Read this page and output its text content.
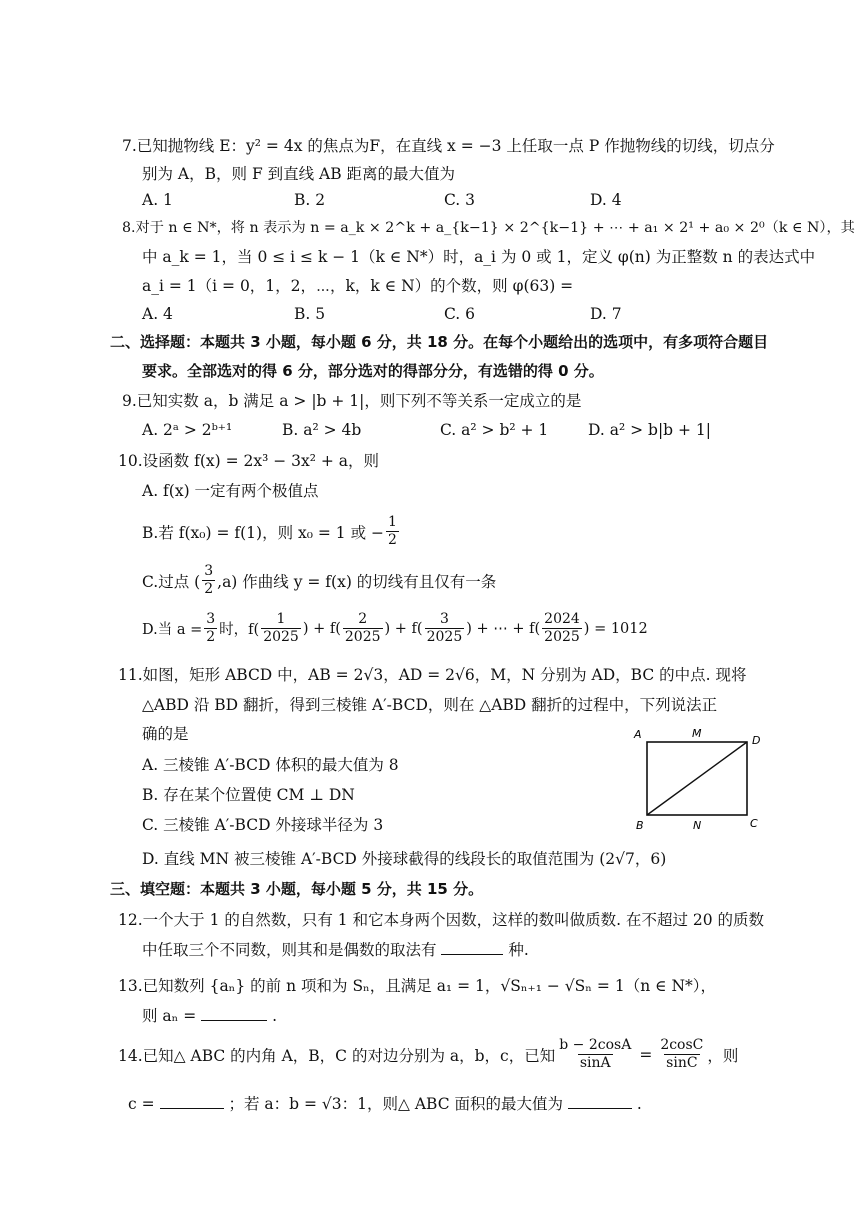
7.已知抛物线 E：y² = 4x 的焦点为F，在直线 x = −3 上任取一点 P 作抛物线的切线，切点分
别为 A，B，则 F 到直线 AB 距离的最大值为
A. 1	B. 2	C. 3	D. 4
8.对于 n ∈ N*，将 n 表示为 n = a_k × 2^k + a_{k−1} × 2^{k−1} + ⋯ + a₁ × 2¹ + a₀ × 2⁰（k ∈ N），其
中 a_k = 1，当 0 ≤ i ≤ k − 1（k ∈ N*）时，a_i 为 0 或 1，定义 φ(n) 为正整数 n 的表达式中
a_i = 1（i = 0，1，2，⋯，k，k ∈ N）的个数，则 φ(63) =
A. 4	B. 5	C. 6	D. 7
二、选择题：本题共 3 小题，每小题 6 分，共 18 分。在每个小题给出的选项中，有多项符合题目
要求。全部选对的得 6 分，部分选对的得部分分，有选错的得 0 分。
9.已知实数 a，b 满足 a > |b + 1|，则下列不等关系一定成立的是
A. 2ᵃ > 2ᵇ⁺¹	B. a² > 4b	C. a² > b² + 1	D. a² > b|b + 1|
10.设函数 f(x) = 2x³ − 3x² + a，则
A. f(x) 一定有两个极值点
B.若 f(x₀) = f(1)，则 x₀ = 1 或 − $\frac{1}{2}$
C.过点 ( $\frac{3}{2} ,a$) 作曲线 y = f(x) 的切线有且仅有一条
D.当 $a = \frac{3}{2}$ 时，$f( \frac{1}{2025}$ ) + $f( \frac{2}{2025}$ ) + $f( \frac{3}{2025}$ ) + ⋯ + $f( \frac{2024}{2025}$ ) = 1012
11.如图，矩形 ABCD 中，AB = 2√3，AD = 2√6，M，N 分别为 AD，BC 的中点. 现将
△ABD 沿 BD 翻折，得到三棱锥 A′-BCD，则在 △ABD 翻折的过程中，下列说法正
确的是
A. 三棱锥 A′-BCD 体积的最大值为 8
B. 存在某个位置使 CM ⊥ DN
C. 三棱锥 A′-BCD 外接球半径为 3
D. 直线 MN 被三棱锥 A′-BCD 外接球截得的线段长的取值范围为 (2√7，6)
A	M
D
B	N	C
三、填空题：本题共 3 小题，每小题 5 分，共 15 分。
12.一个大于 1 的自然数，只有 1 和它本身两个因数，这样的数叫做质数. 在不超过 20 的质数
中任取三个不同数，则其和是偶数的取法有	种.
13.已知数列 {aₙ} 的前 n 项和为 Sₙ，且满足 a₁ = 1，√Sₙ₊₁ − √Sₙ = 1（n ∈ N*），
则 aₙ =	.
14.已知△ ABC 的内角 A，B，C 的对边分别为 a，b，c，已知 $\frac{b - 2\cos A}{\sin A} = \frac{2\cos C}{\sin C}$ ，则
c =	；若 a：b = √3：1，则△ ABC 面积的最大值为	.
